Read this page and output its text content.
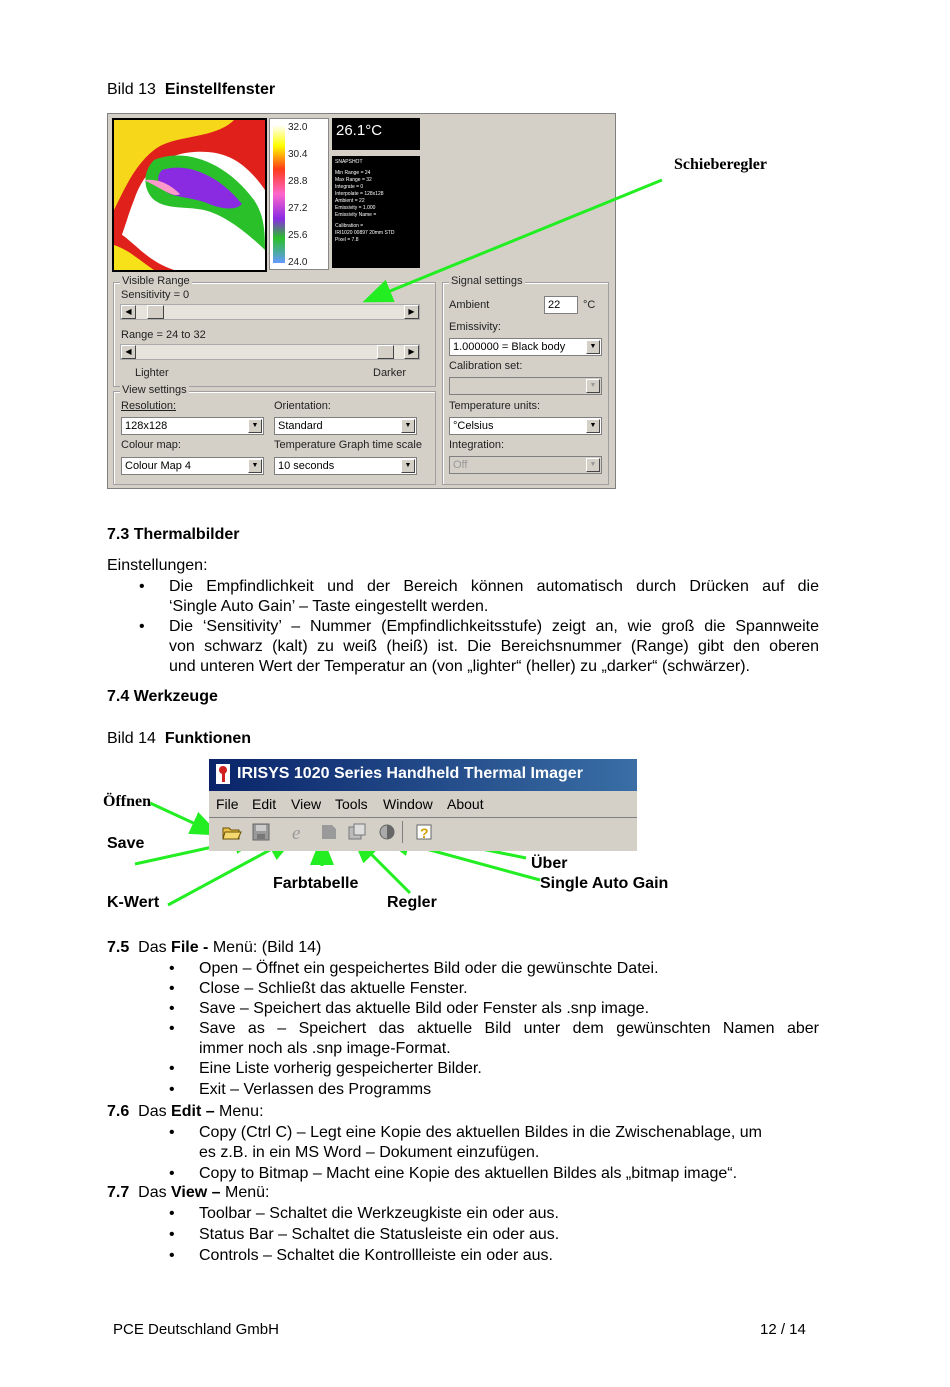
Bild 13 Einstellfenster
32.0
30.4
28.8
27.2
25.6
24.0
26.1°C
SNAPSHOT
Min Range = 24
Max Range = 32
Integrate = 0
Interpolate = 128x128
Ambient = 22
Emissivity = 1.000
Emissivity Name =
Calibration =
IRI1020 00897 20mm STD
Pixel = 7.8
Visible Range
Sensitivity = 0
◀	▶
Range = 24 to 32
◀	▶
Lighter	Darker
View settings
Resolution:
128x128	▼
Orientation:
Standard	▼
Colour map:
Colour Map 4	▼
Temperature Graph time scale
10 seconds	▼
Signal settings
Ambient	22	°C
Emissivity:
1.000000 = Black body	▼
Calibration set:
▼
Temperature units:
°Celsius	▼
Integration:
Off	▼
Schieberegler
7.3 Thermalbilder
Einstellungen:
• Die Empfindlichkeit und der Bereich können automatisch durch Drücken auf die
‘Single Auto Gain’ – Taste eingestellt werden.
• Die ‘Sensitivity’ – Nummer (Empfindlichkeitsstufe) zeigt an, wie groß die Spannweite
von schwarz (kalt) zu weiß (heiß) ist. Die Bereichsnummer (Range) gibt den oberen
und unteren Wert der Temperatur an (von „lighter“ (heller) zu „darker“ (schwärzer).
7.4 Werkzeuge
Bild 14 Funktionen
IRISYS 1020 Series Handheld Thermal Imager
File Edit View Tools Window About
e	?
Öffnen
Save
K-Wert
Farbtabelle
Regler
Über
Single Auto Gain
7.5 Das File - Menü: (Bild 14)
• Open – Öffnet ein gespeichertes Bild oder die gewünschte Datei.
• Close – Schließt das aktuelle Fenster.
• Save – Speichert das aktuelle Bild oder Fenster als .snp image.
• Save as – Speichert das aktuelle Bild unter dem gewünschten Namen aber
immer noch als .snp image-Format.
• Eine Liste vorherig gespeicherter Bilder.
• Exit – Verlassen des Programms
7.6 Das Edit – Menu:
• Copy (Ctrl C) – Legt eine Kopie des aktuellen Bildes in die Zwischenablage, um
es z.B. in ein MS Word – Dokument einzufügen.
• Copy to Bitmap – Macht eine Kopie des aktuellen Bildes als „bitmap image“.
7.7 Das View – Menü:
• Toolbar – Schaltet die Werkzeugkiste ein oder aus.
• Status Bar – Schaltet die Statusleiste ein oder aus.
• Controls – Schaltet die Kontrollleiste ein oder aus.
PCE Deutschland GmbH	12 / 14
